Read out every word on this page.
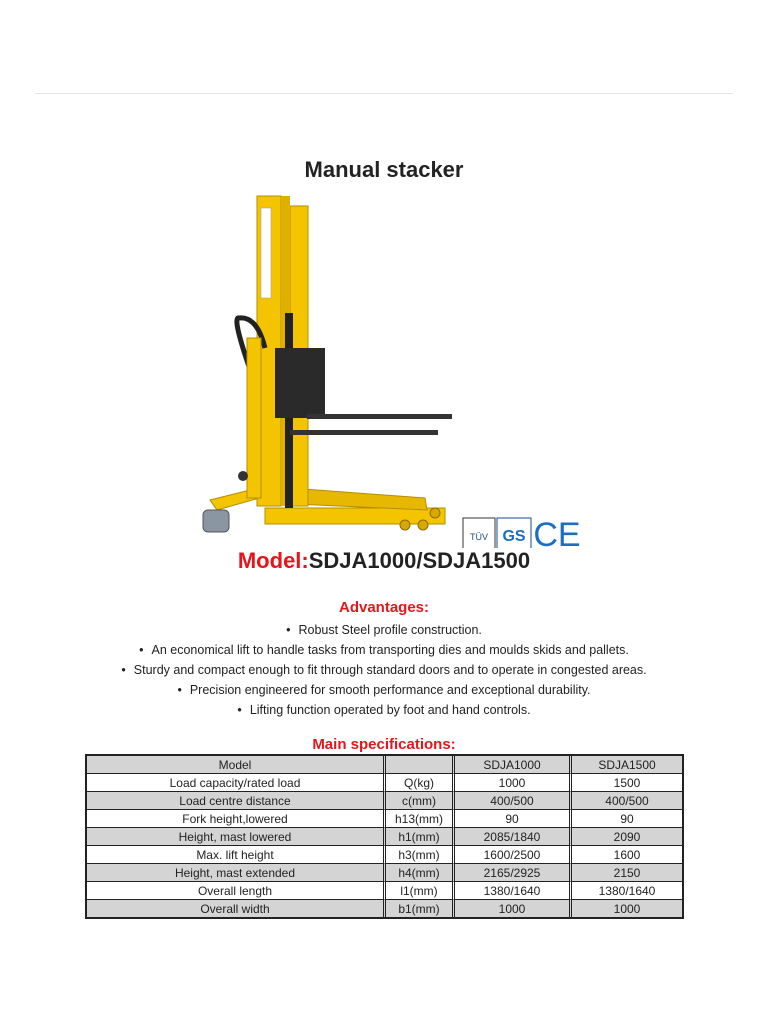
Manual stacker
TÜV GS CE
Model:SDJA1000/SDJA1500
Advantages:
• Robust Steel profile construction.
• An economical lift to handle tasks from transporting dies and moulds skids and pallets.
• Sturdy and compact enough to fit through standard doors and to operate in congested areas.
• Precision engineered for smooth performance and exceptional durability.
• Lifting function operated by foot and hand controls.
Main specifications:
Model		SDJA1000	SDJA1500
Load capacity/rated load	Q(kg)	1000	1500
Load centre distance	c(mm)	400/500	400/500
Fork height,lowered	h13(mm)	90	90
Height, mast lowered	h1(mm)	2085/1840	2090
Max. lift height	h3(mm)	1600/2500	1600
Height, mast extended	h4(mm)	2165/2925	2150
Overall length	l1(mm)	1380/1640	1380/1640
Overall width	b1(mm)	1000	1000
